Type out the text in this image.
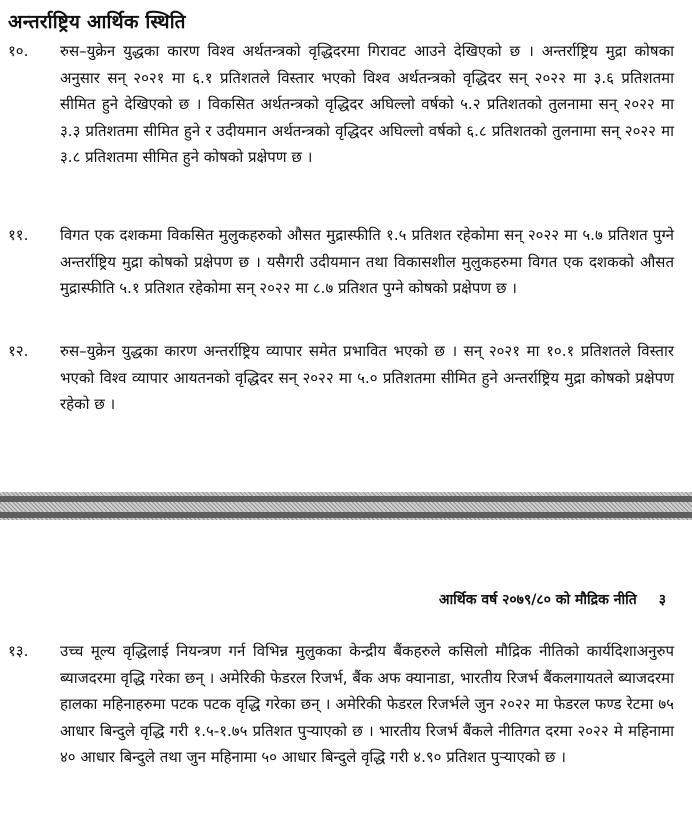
अन्तर्राष्ट्रिय आर्थिक स्थिति
१०. रुस–युक्रेन युद्धका कारण विश्व अर्थतन्त्रको वृद्धिदरमा गिरावट आउने देखिएको छ । अन्तर्राष्ट्रिय मुद्रा कोषका अनुसार सन् २०२१ मा ६.१ प्रतिशतले विस्तार भएको विश्व अर्थतन्त्रको वृद्धिदर सन् २०२२ मा ३.६ प्रतिशतमा सीमित हुने देखिएको छ । विकसित अर्थतन्त्रको वृद्धिदर अघिल्लो वर्षको ५.२ प्रतिशतको तुलनामा सन् २०२२ मा ३.३ प्रतिशतमा सीमित हुने र उदीयमान अर्थतन्त्रको वृद्धिदर अघिल्लो वर्षको ६.८ प्रतिशतको तुलनामा सन् २०२२ मा ३.८ प्रतिशतमा सीमित हुने कोषको प्रक्षेपण छ ।
११. विगत एक दशकमा विकसित मुलुकहरुको औसत मुद्रास्फीति १.५ प्रतिशत रहेकोमा सन् २०२२ मा ५.७ प्रतिशत पुग्ने अन्तर्राष्ट्रिय मुद्रा कोषको प्रक्षेपण छ । यसैगरी उदीयमान तथा विकासशील मुलुकहरुमा विगत एक दशकको औसत मुद्रास्फीति ५.१ प्रतिशत रहेकोमा सन् २०२२ मा ८.७ प्रतिशत पुग्ने कोषको प्रक्षेपण छ ।
१२. रुस–युक्रेन युद्धका कारण अन्तर्राष्ट्रिय व्यापार समेत प्रभावित भएको छ । सन् २०२१ मा १०.१ प्रतिशतले विस्तार भएको विश्व व्यापार आयतनको वृद्धिदर सन् २०२२ मा ५.० प्रतिशतमा सीमित हुने अन्तर्राष्ट्रिय मुद्रा कोषको प्रक्षेपण रहेको छ ।
आर्थिक वर्ष २०७९/८० को मौद्रिक नीति ३
१३. उच्च मूल्य वृद्धिलाई नियन्त्रण गर्न विभिन्न मुलुकका केन्द्रीय बैंकहरुले कसिलो मौद्रिक नीतिको कार्यदिशाअनुरुप ब्याजदरमा वृद्धि गरेका छन् । अमेरिकी फेडरल रिजर्भ, बैंक अफ क्यानाडा, भारतीय रिजर्भ बैंकलगायतले ब्याजदरमा हालका महिनाहरुमा पटक पटक वृद्धि गरेका छन् । अमेरिकी फेडरल रिजर्भले जुन २०२२ मा फेडरल फण्ड रेटमा ७५ आधार बिन्दुले वृद्धि गरी १.५-१.७५ प्रतिशत पुर्‍याएको छ । भारतीय रिजर्भ बैंकले नीतिगत दरमा २०२२ मे महिनामा ४० आधार बिन्दुले तथा जुन महिनामा ५० आधार बिन्दुले वृद्धि गरी ४.९० प्रतिशत पुर्‍याएको छ ।
